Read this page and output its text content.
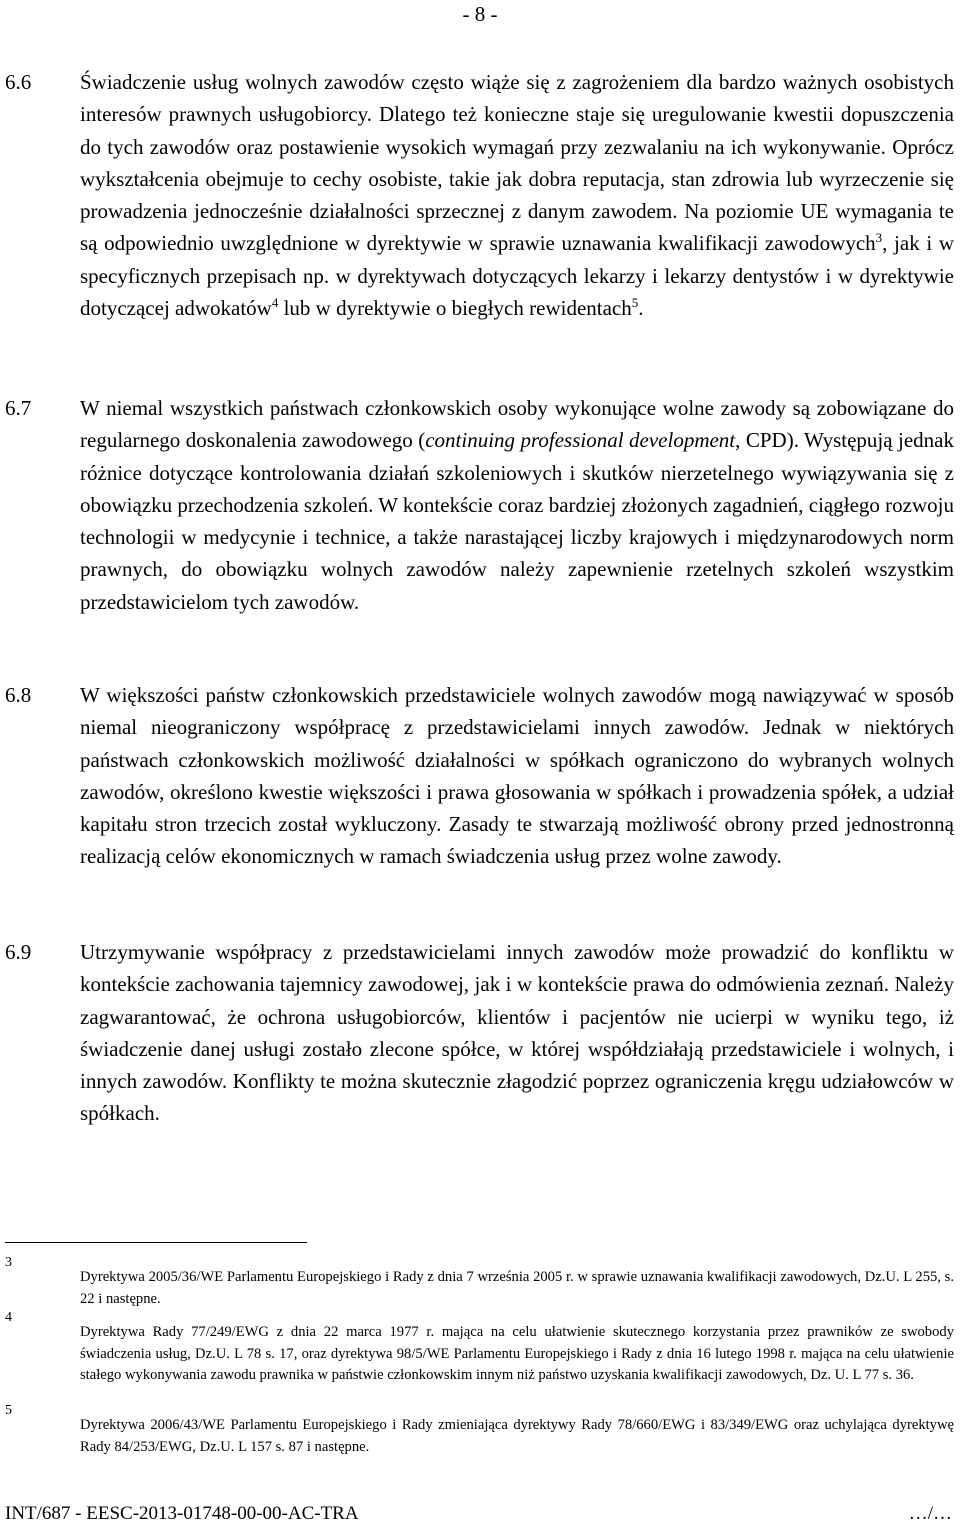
- 8 -
6.6 Świadczenie usług wolnych zawodów często wiąże się z zagrożeniem dla bardzo ważnych osobistych interesów prawnych usługobiorcy. Dlatego też konieczne staje się uregulowanie kwestii dopuszczenia do tych zawodów oraz postawienie wysokich wymagań przy zezwalaniu na ich wykonywanie. Oprócz wykształcenia obejmuje to cechy osobiste, takie jak dobra reputacja, stan zdrowia lub wyrzeczenie się prowadzenia jednocześnie działalności sprzecznej z danym zawodem. Na poziomie UE wymagania te są odpowiednio uwzględnione w dyrektywie w sprawie uznawania kwalifikacji zawodowych$^3$, jak i w specyficznych przepisach np. w dyrektywach dotyczących lekarzy i lekarzy dentystów i w dyrektywie dotyczącej adwokatów$^4$ lub w dyrektywie o biegłych rewidentach$^5$.
6.7 W niemal wszystkich państwach członkowskich osoby wykonujące wolne zawody są zobowiązane do regularnego doskonalenia zawodowego (continuing professional development, CPD). Występują jednak różnice dotyczące kontrolowania działań szkoleniowych i skutków nierzetelnego wywiązywania się z obowiązku przechodzenia szkoleń. W kontekście coraz bardziej złożonych zagadnień, ciągłego rozwoju technologii w medycynie i technice, a także narastającej liczby krajowych i międzynarodowych norm prawnych, do obowiązku wolnych zawodów należy zapewnienie rzetelnych szkoleń wszystkim przedstawicielom tych zawodów.
6.8 W większości państw członkowskich przedstawiciele wolnych zawodów mogą nawiązywać w sposób niemal nieograniczony współpracę z przedstawicielami innych zawodów. Jednak w niektórych państwach członkowskich możliwość działalności w spółkach ograniczono do wybranych wolnych zawodów, określono kwestie większości i prawa głosowania w spółkach i prowadzenia spółek, a udział kapitału stron trzecich został wykluczony. Zasady te stwarzają możliwość obrony przed jednostronną realizacją celów ekonomicznych w ramach świadczenia usług przez wolne zawody.
6.9 Utrzymywanie współpracy z przedstawicielami innych zawodów może prowadzić do konfliktu w kontekście zachowania tajemnicy zawodowej, jak i w kontekście prawa do odmówienia zeznań. Należy zagwarantować, że ochrona usługobiorców, klientów i pacjentów nie ucierpi w wyniku tego, iż świadczenie danej usługi zostało zlecone spółce, w której współdziałają przedstawiciele i wolnych, i innych zawodów. Konflikty te można skutecznie złagodzić poprzez ograniczenia kręgu udziałowców w spółkach.
3
Dyrektywa 2005/36/WE Parlamentu Europejskiego i Rady z dnia 7 września 2005 r. w sprawie uznawania kwalifikacji zawodowych, Dz.U. L 255, s. 22 i następne.
4
Dyrektywa Rady 77/249/EWG z dnia 22 marca 1977 r. mająca na celu ułatwienie skutecznego korzystania przez prawników ze swobody świadczenia usług, Dz.U. L 78 s. 17, oraz dyrektywa 98/5/WE Parlamentu Europejskiego i Rady z dnia 16 lutego 1998 r. mająca na celu ułatwienie stałego wykonywania zawodu prawnika w państwie członkowskim innym niż państwo uzyskania kwalifikacji zawodowych, Dz. U. L 77 s. 36.
5
Dyrektywa 2006/43/WE Parlamentu Europejskiego i Rady zmieniająca dyrektywy Rady 78/660/EWG i 83/349/EWG oraz uchylająca dyrektywę Rady 84/253/EWG, Dz.U. L 157 s. 87 i następne.
INT/687 - EESC-2013-01748-00-00-AC-TRA	…/…
